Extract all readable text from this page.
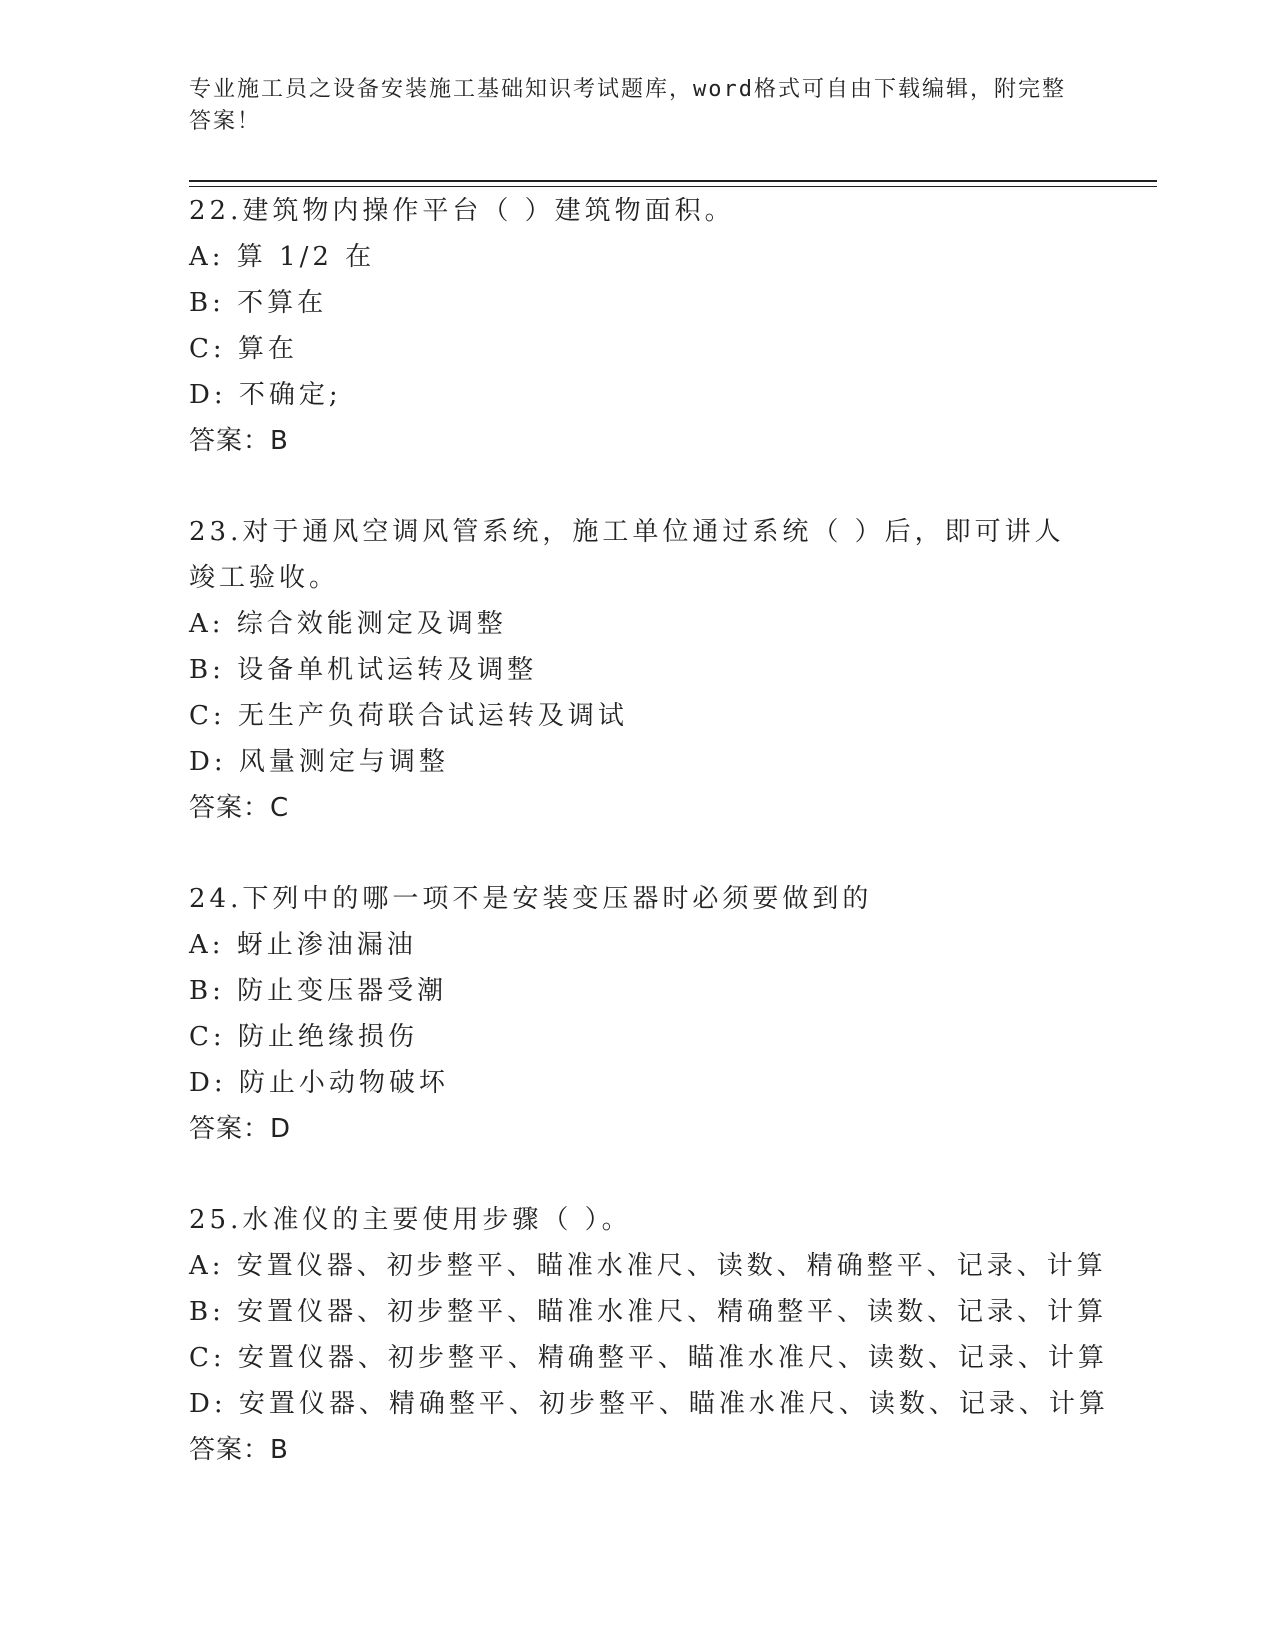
专业施工员之设备安装施工基础知识考试题库，word格式可自由下载编辑，附完整答案！
22.建筑物内操作平台（ ）建筑物面积。
A: 算 1/2 在
B: 不算在
C: 算在
D: 不确定;
答案：B
23.对于通风空调风管系统，施工单位通过系统（ ）后，即可讲人竣工验收。
A: 综合效能测定及调整
B: 设备单机试运转及调整
C: 无生产负荷联合试运转及调试
D: 风量测定与调整
答案：C
24.下列中的哪一项不是安装变压器时必须要做到的
A: 蚜止渗油漏油
B: 防止变压器受潮
C: 防止绝缘损伤
D: 防止小动物破坏
答案：D
25.水准仪的主要使用步骤（ ）。
A: 安置仪器、初步整平、瞄准水准尺、读数、精确整平、记录、计算
B: 安置仪器、初步整平、瞄准水准尺、精确整平、读数、记录、计算
C: 安置仪器、初步整平、精确整平、瞄准水准尺、读数、记录、计算
D: 安置仪器、精确整平、初步整平、瞄准水准尺、读数、记录、计算
答案：B
